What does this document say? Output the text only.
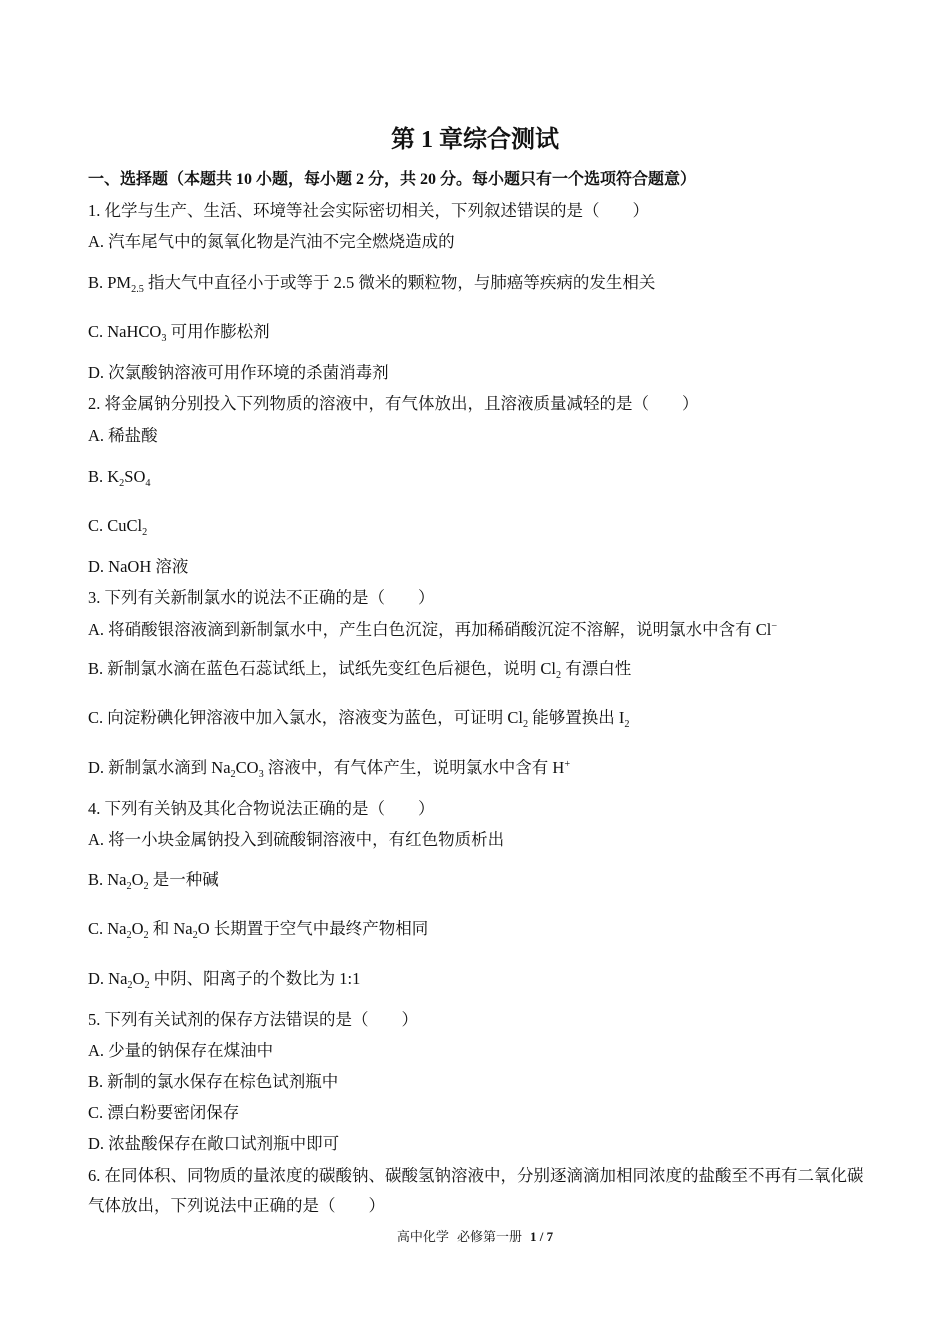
第 1 章综合测试
一、选择题（本题共 10 小题，每小题 2 分，共 20 分。每小题只有一个选项符合题意）
1. 化学与生产、生活、环境等社会实际密切相关，下列叙述错误的是（　　）
A. 汽车尾气中的氮氧化物是汽油不完全燃烧造成的
B. $PM_{2.5}$ 指大气中直径小于或等于 2.5 微米的颗粒物，与肺癌等疾病的发生相关
C. NaHCO$_3$ 可用作膨松剂
D. 次氯酸钠溶液可用作环境的杀菌消毒剂
2. 将金属钠分别投入下列物质的溶液中，有气体放出，且溶液质量减轻的是（　　）
A. 稀盐酸
B. $K_2SO_4$
C. CuCl$_2$
D. NaOH 溶液
3. 下列有关新制氯水的说法不正确的是（　　）
A. 将硝酸银溶液滴到新制氯水中，产生白色沉淀，再加稀硝酸沉淀不溶解，说明氯水中含有 Cl−
B. 新制氯水滴在蓝色石蕊试纸上，试纸先变红色后褪色，说明 $Cl_2$ 有漂白性
C. 向淀粉碘化钾溶液中加入氯水，溶液变为蓝色，可证明 $Cl_2$ 能够置换出 $I_2$
D. 新制氯水滴到 $Na_2CO_3$ 溶液中，有气体产生，说明氯水中含有 H+
4. 下列有关钠及其化合物说法正确的是（　　）
A. 将一小块金属钠投入到硫酸铜溶液中，有红色物质析出
B. $Na_2O_2$ 是一种碱
C. $Na_2O_2$ 和 $Na_2O$ 长期置于空气中最终产物相同
D. $Na_2O_2$ 中阴、阳离子的个数比为 1:1
5. 下列有关试剂的保存方法错误的是（　　）
A. 少量的钠保存在煤油中
B. 新制的氯水保存在棕色试剂瓶中
C. 漂白粉要密闭保存
D. 浓盐酸保存在敞口试剂瓶中即可
6. 在同体积、同物质的量浓度的碳酸钠、碳酸氢钠溶液中，分别逐滴滴加相同浓度的盐酸至不再有二氧化碳
气体放出，下列说法中正确的是（　　）
高中化学 必修第一册 1 / 7
